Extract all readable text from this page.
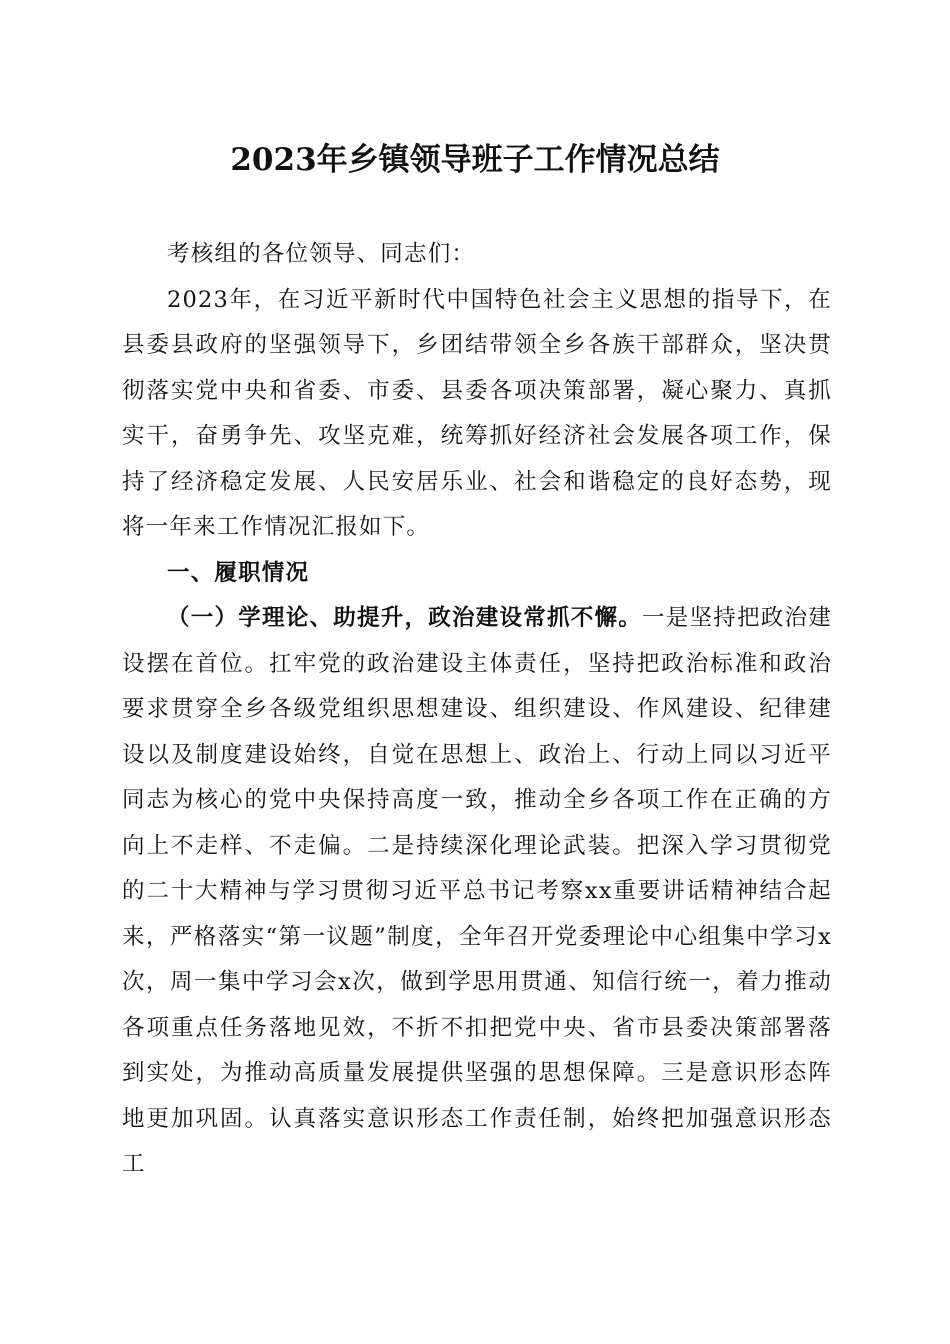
2023年乡镇领导班子工作情况总结

考核组的各位领导、同志们：

2023年，在习近平新时代中国特色社会主义思想的指导下，在县委县政府的坚强领导下，乡团结带领全乡各族干部群众，坚决贯彻落实党中央和省委、市委、县委各项决策部署，凝心聚力、真抓实干，奋勇争先、攻坚克难，统筹抓好经济社会发展各项工作，保持了经济稳定发展、人民安居乐业、社会和谐稳定的良好态势，现将一年来工作情况汇报如下。

一、履职情况

（一）学理论、助提升，政治建设常抓不懈。一是坚持把政治建设摆在首位。扛牢党的政治建设主体责任，坚持把政治标准和政治要求贯穿全乡各级党组织思想建设、组织建设、作风建设、纪律建设以及制度建设始终，自觉在思想上、政治上、行动上同以习近平同志为核心的党中央保持高度一致，推动全乡各项工作在正确的方向上不走样、不走偏。二是持续深化理论武装。把深入学习贯彻党的二十大精神与学习贯彻习近平总书记考察xx重要讲话精神结合起来，严格落实“第一议题”制度，全年召开党委理论中心组集中学习x次，周一集中学习会x次，做到学思用贯通、知信行统一，着力推动各项重点任务落地见效，不折不扣把党中央、省市县委决策部署落到实处，为推动高质量发展提供坚强的思想保障。三是意识形态阵地更加巩固。认真落实意识形态工作责任制，始终把加强意识形态工
